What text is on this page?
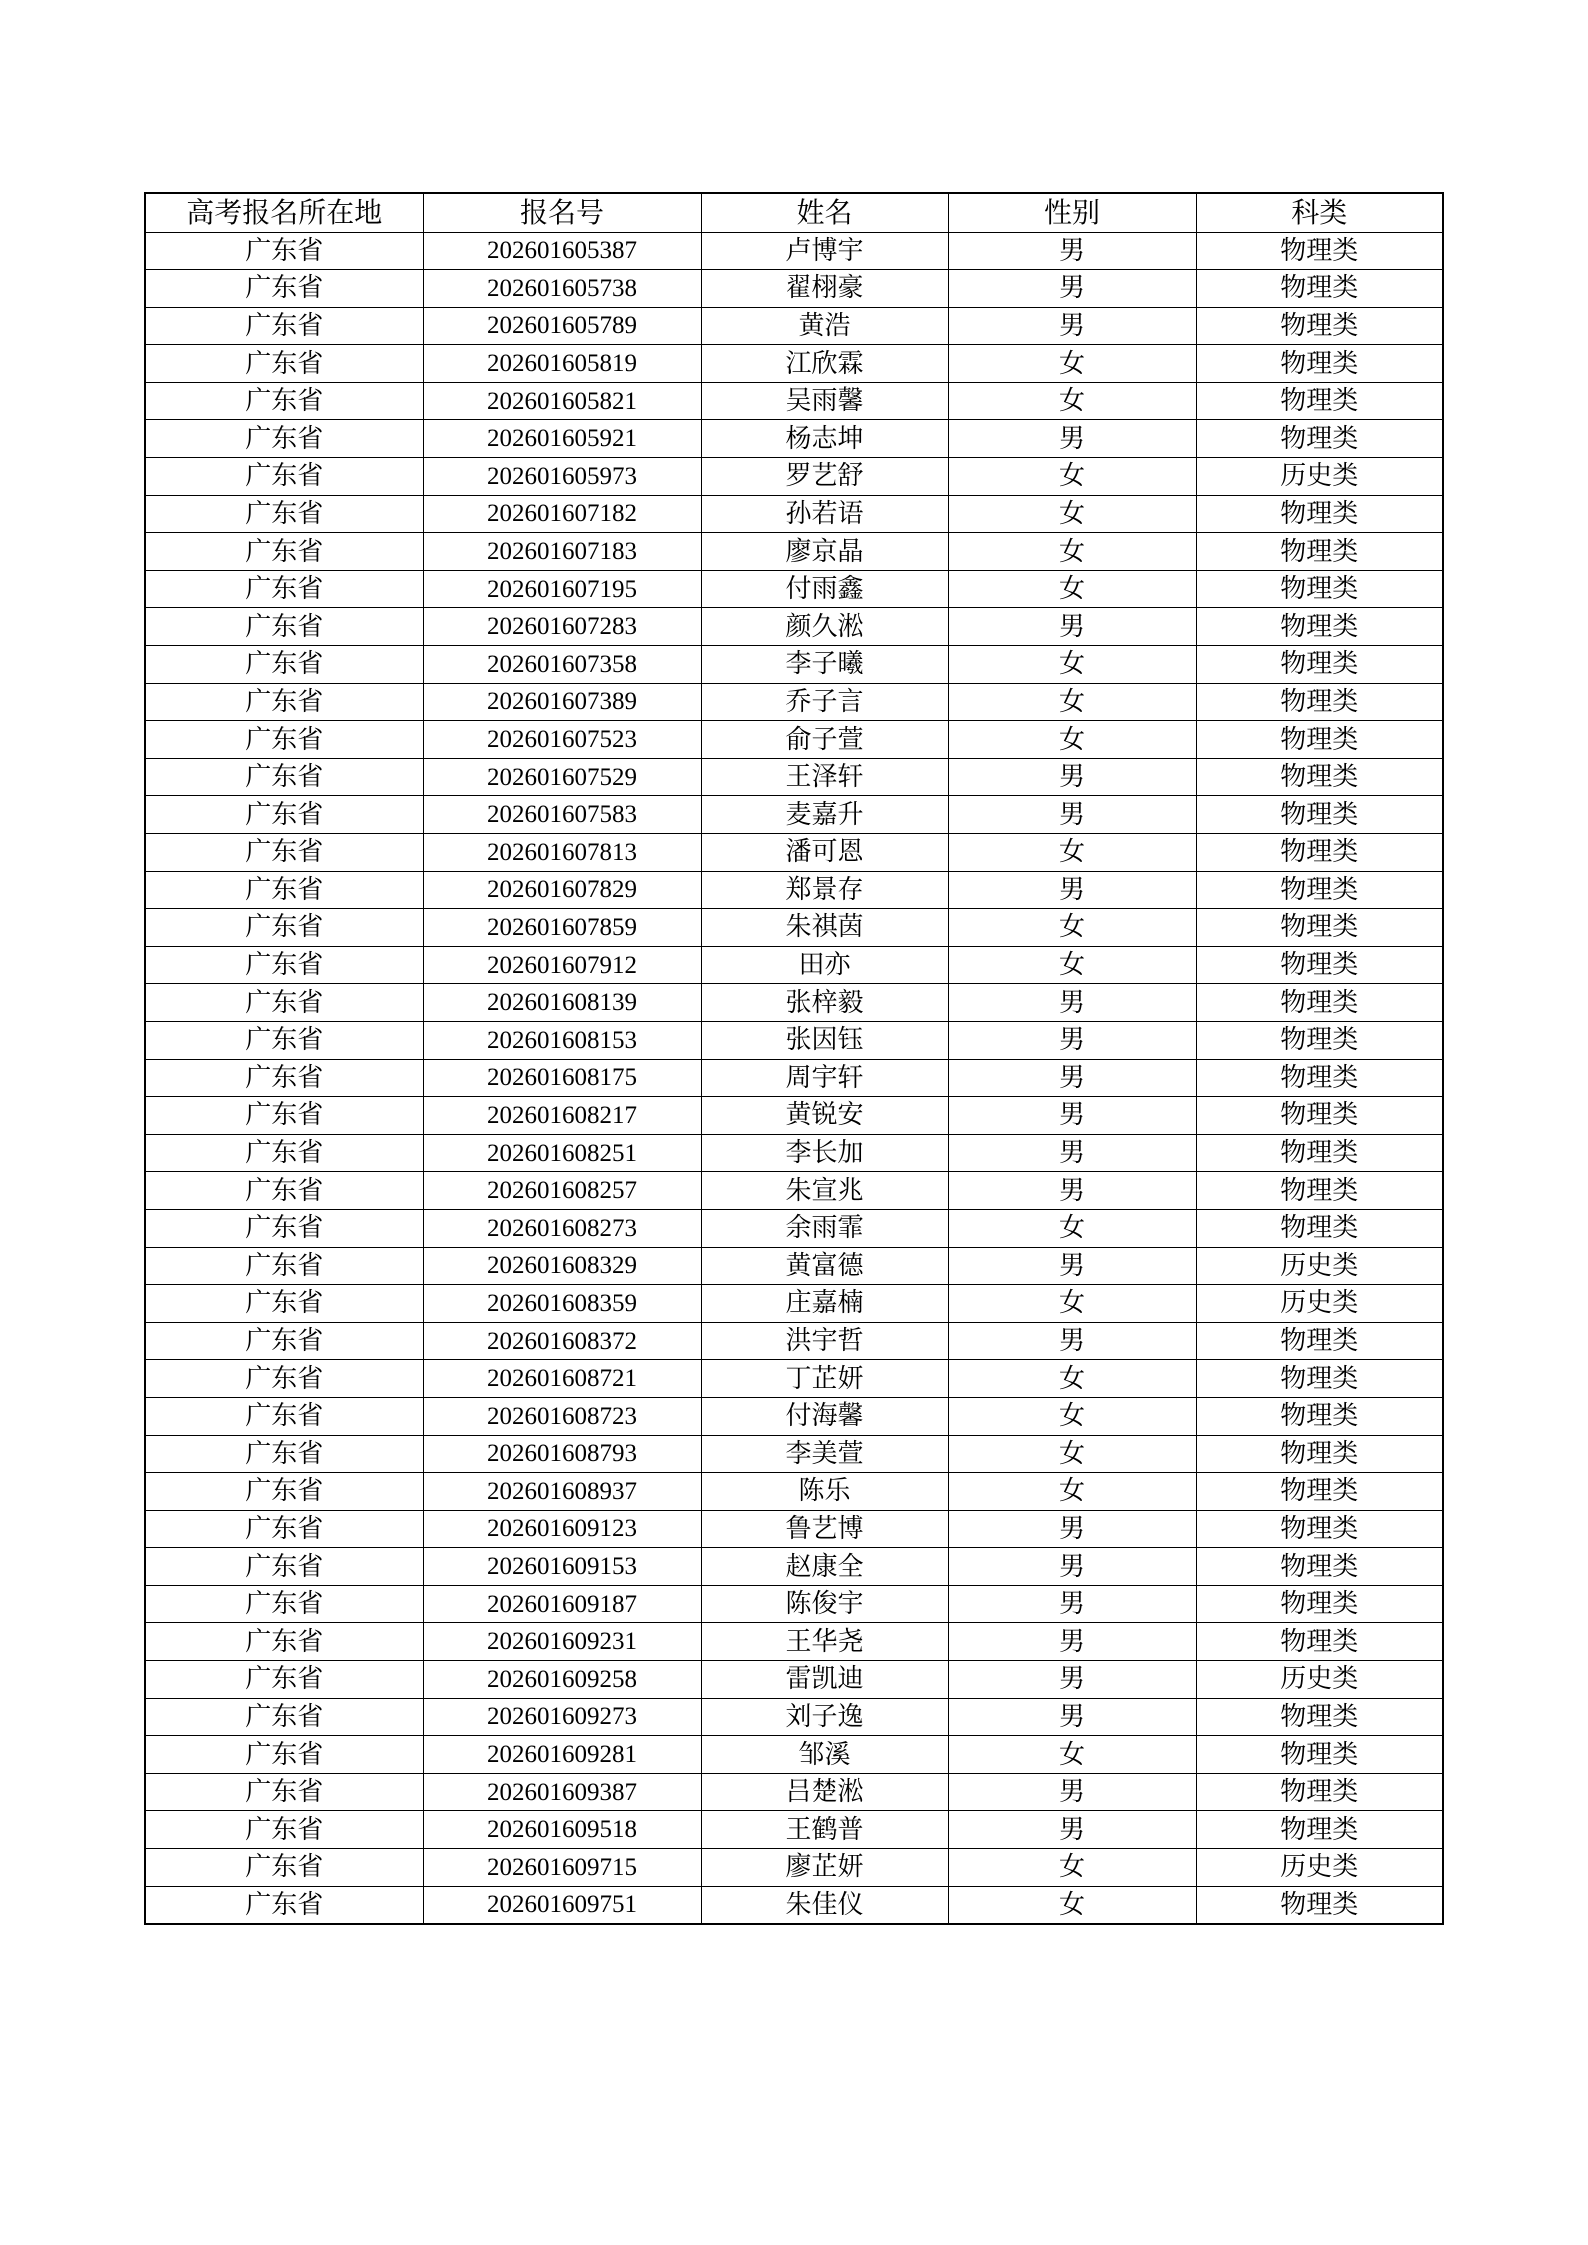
高考报名所在地	报名号	姓名	性别	科类
广东省	202601605387	卢博宇	男	物理类
广东省	202601605738	翟栩豪	男	物理类
广东省	202601605789	黄浩	男	物理类
广东省	202601605819	江欣霖	女	物理类
广东省	202601605821	吴雨馨	女	物理类
广东省	202601605921	杨志坤	男	物理类
广东省	202601605973	罗艺舒	女	历史类
广东省	202601607182	孙若语	女	物理类
广东省	202601607183	廖京晶	女	物理类
广东省	202601607195	付雨鑫	女	物理类
广东省	202601607283	颜久淞	男	物理类
广东省	202601607358	李子曦	女	物理类
广东省	202601607389	乔子言	女	物理类
广东省	202601607523	俞子萱	女	物理类
广东省	202601607529	王泽轩	男	物理类
广东省	202601607583	麦嘉升	男	物理类
广东省	202601607813	潘可恩	女	物理类
广东省	202601607829	郑景存	男	物理类
广东省	202601607859	朱祺茵	女	物理类
广东省	202601607912	田亦	女	物理类
广东省	202601608139	张梓毅	男	物理类
广东省	202601608153	张因钰	男	物理类
广东省	202601608175	周宇轩	男	物理类
广东省	202601608217	黄锐安	男	物理类
广东省	202601608251	李长加	男	物理类
广东省	202601608257	朱宣兆	男	物理类
广东省	202601608273	余雨霏	女	物理类
广东省	202601608329	黄富德	男	历史类
广东省	202601608359	庄嘉楠	女	历史类
广东省	202601608372	洪宇哲	男	物理类
广东省	202601608721	丁芷妍	女	物理类
广东省	202601608723	付海馨	女	物理类
广东省	202601608793	李美萱	女	物理类
广东省	202601608937	陈乐	女	物理类
广东省	202601609123	鲁艺博	男	物理类
广东省	202601609153	赵康全	男	物理类
广东省	202601609187	陈俊宇	男	物理类
广东省	202601609231	王华尧	男	物理类
广东省	202601609258	雷凯迪	男	历史类
广东省	202601609273	刘子逸	男	物理类
广东省	202601609281	邹溪	女	物理类
广东省	202601609387	吕楚淞	男	物理类
广东省	202601609518	王鹤普	男	物理类
广东省	202601609715	廖芷妍	女	历史类
广东省	202601609751	朱佳仪	女	物理类
